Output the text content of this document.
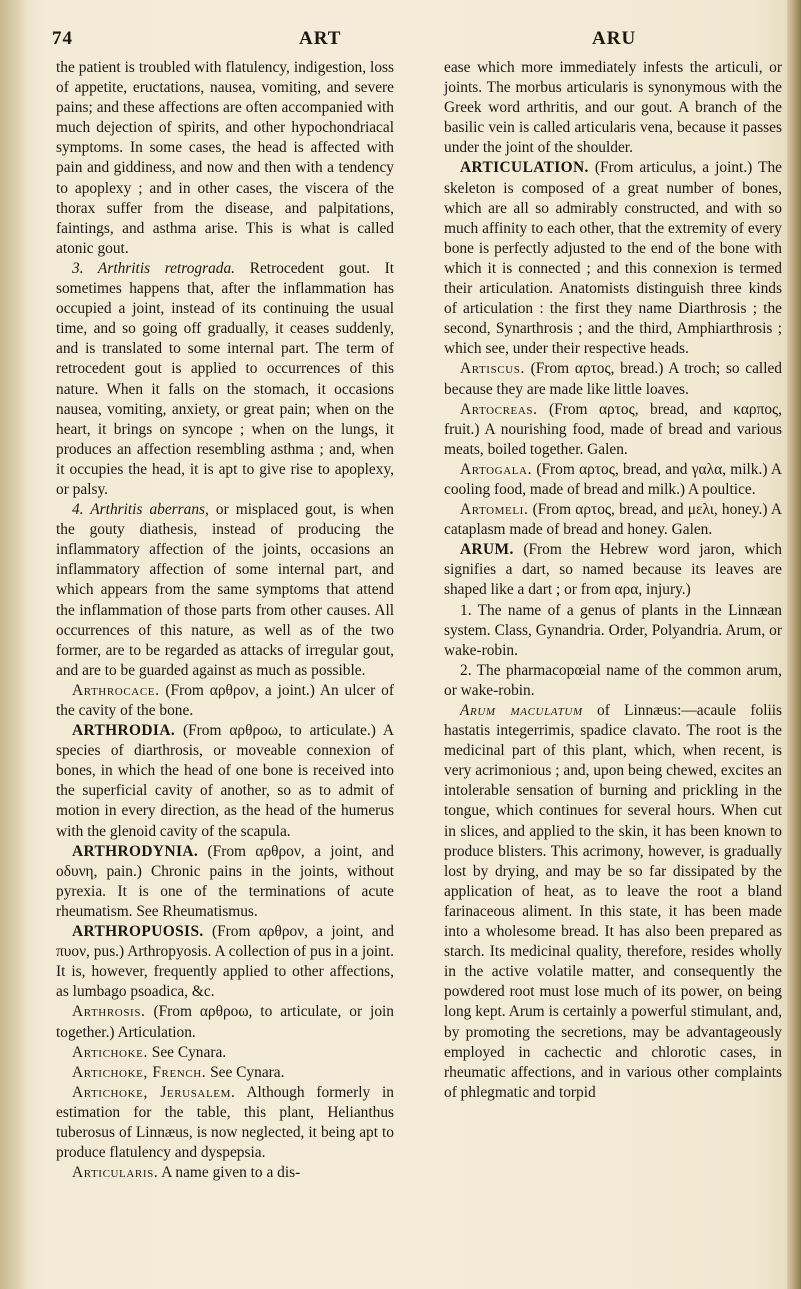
74	ART	ARU

the patient is troubled with flatulency, indigestion, loss of appetite, eructations, nausea, vomiting, and severe pains; and these affections are often accompanied with much dejection of spirits, and other hypochondriacal symptoms. In some cases, the head is affected with pain and giddiness, and now and then with a tendency to apoplexy ; and in other cases, the viscera of the thorax suffer from the disease, and palpitations, faintings, and asthma arise. This is what is called atonic gout.

3. Arthritis retrograda. Retrocedent gout. It sometimes happens that, after the inflammation has occupied a joint, instead of its continuing the usual time, and so going off gradually, it ceases suddenly, and is translated to some internal part. The term of retrocedent gout is applied to occurrences of this nature. When it falls on the stomach, it occasions nausea, vomiting, anxiety, or great pain; when on the heart, it brings on syncope ; when on the lungs, it produces an affection resembling asthma ; and, when it occupies the head, it is apt to give rise to apoplexy, or palsy.

4. Arthritis aberrans, or misplaced gout, is when the gouty diathesis, instead of producing the inflammatory affection of the joints, occasions an inflammatory affection of some internal part, and which appears from the same symptoms that attend the inflammation of those parts from other causes. All occurrences of this nature, as well as of the two former, are to be regarded as attacks of irregular gout, and are to be guarded against as much as possible.

Arthrocace. (From αρθρον, a joint.) An ulcer of the cavity of the bone.

ARTHRODIA. (From αρθροω, to articulate.) A species of diarthrosis, or moveable connexion of bones, in which the head of one bone is received into the superficial cavity of another, so as to admit of motion in every direction, as the head of the humerus with the glenoid cavity of the scapula.

ARTHRODYNIA. (From αρθρον, a joint, and οδυνη, pain.) Chronic pains in the joints, without pyrexia. It is one of the terminations of acute rheumatism. See Rheumatismus.

ARTHROPUOSIS. (From αρθρον, a joint, and πυον, pus.) Arthropyosis. A collection of pus in a joint. It is, however, frequently applied to other affections, as lumbago psoadica, &c.

Arthrosis. (From αρθροω, to articulate, or join together.) Articulation.

Artichoke. See Cynara.

Artichoke, French. See Cynara.

Artichoke, Jerusalem. Although formerly in estimation for the table, this plant, Helianthus tuberosus of Linnæus, is now neglected, it being apt to produce flatulency and dyspepsia.

Articularis. A name given to a dis-

ease which more immediately infests the articuli, or joints. The morbus articularis is synonymous with the Greek word arthritis, and our gout. A branch of the basilic vein is called articularis vena, because it passes under the joint of the shoulder.

ARTICULATION. (From articulus, a joint.) The skeleton is composed of a great number of bones, which are all so admirably constructed, and with so much affinity to each other, that the extremity of every bone is perfectly adjusted to the end of the bone with which it is connected ; and this connexion is termed their articulation. Anatomists distinguish three kinds of articulation : the first they name Diarthrosis ; the second, Synarthrosis ; and the third, Amphiarthrosis ; which see, under their respective heads.

Artiscus. (From αρτος, bread.) A troch; so called because they are made like little loaves.

Artocreas. (From αρτος, bread, and καρπος, fruit.) A nourishing food, made of bread and various meats, boiled together. Galen.

Artogala. (From αρτος, bread, and γαλα, milk.) A cooling food, made of bread and milk.) A poultice.

Artomeli. (From αρτος, bread, and μελι, honey.) A cataplasm made of bread and honey. Galen.

ARUM. (From the Hebrew word jaron, which signifies a dart, so named because its leaves are shaped like a dart ; or from αρα, injury.)

1. The name of a genus of plants in the Linnæan system. Class, Gynandria. Order, Polyandria. Arum, or wake-robin.

2. The pharmacopœial name of the common arum, or wake-robin.

Arum maculatum of Linnæus:—acaule foliis hastatis integerrimis, spadice clavato. The root is the medicinal part of this plant, which, when recent, is very acrimonious ; and, upon being chewed, excites an intolerable sensation of burning and prickling in the tongue, which continues for several hours. When cut in slices, and applied to the skin, it has been known to produce blisters. This acrimony, however, is gradually lost by drying, and may be so far dissipated by the application of heat, as to leave the root a bland farinaceous aliment. In this state, it has been made into a wholesome bread. It has also been prepared as starch. Its medicinal quality, therefore, resides wholly in the active volatile matter, and consequently the powdered root must lose much of its power, on being long kept. Arum is certainly a powerful stimulant, and, by promoting the secretions, may be advantageously employed in cachectic and chlorotic cases, in rheumatic affections, and in various other complaints of phlegmatic and torpid
